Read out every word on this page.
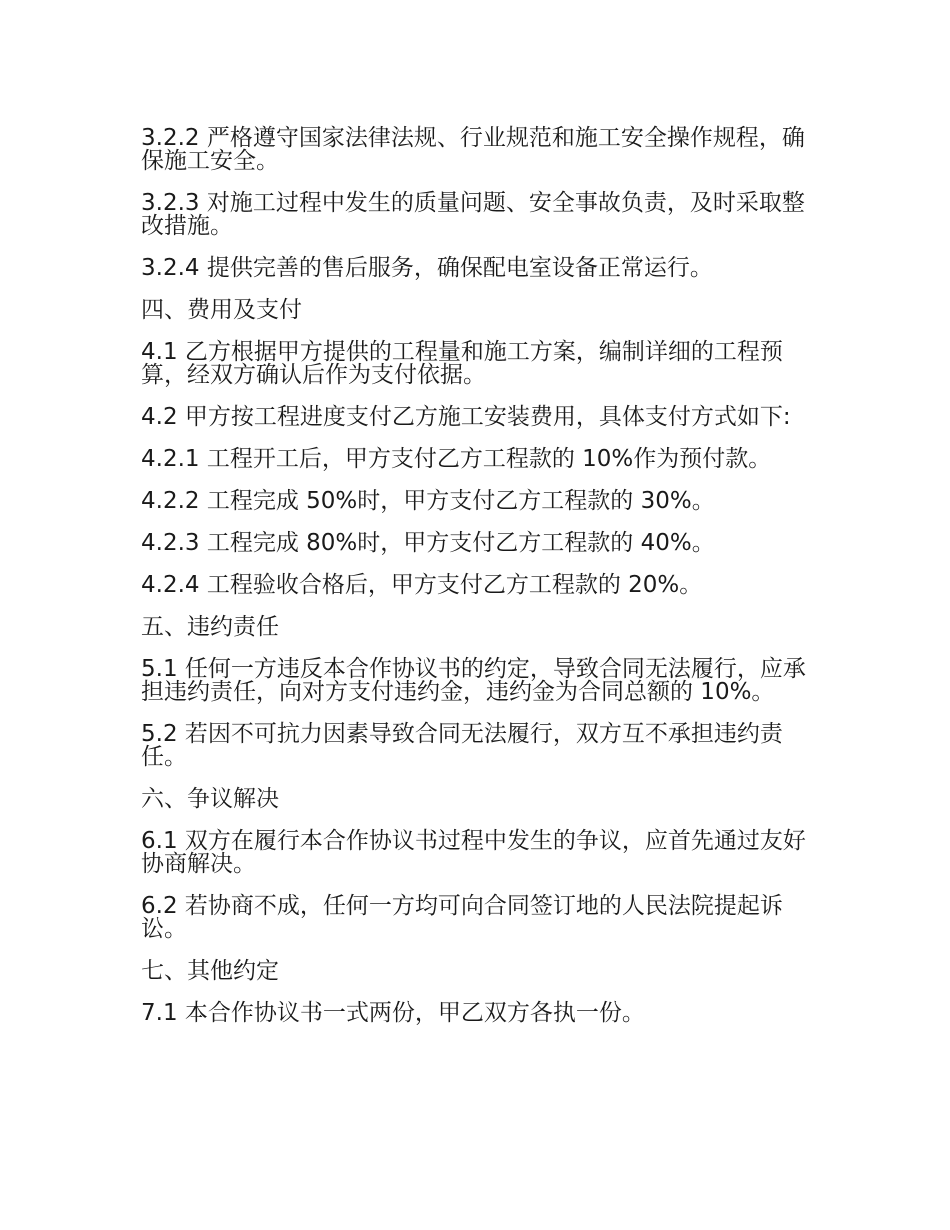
3.2.2 严格遵守国家法律法规、行业规范和施工安全操作规程，确保施工安全。

3.2.3 对施工过程中发生的质量问题、安全事故负责，及时采取整改措施。

3.2.4 提供完善的售后服务，确保配电室设备正常运行。

四、费用及支付

4.1 乙方根据甲方提供的工程量和施工方案，编制详细的工程预算，经双方确认后作为支付依据。

4.2 甲方按工程进度支付乙方施工安装费用，具体支付方式如下:

4.2.1 工程开工后，甲方支付乙方工程款的 10%作为预付款。

4.2.2 工程完成 50%时，甲方支付乙方工程款的 30%。

4.2.3 工程完成 80%时，甲方支付乙方工程款的 40%。

4.2.4 工程验收合格后，甲方支付乙方工程款的 20%。

五、违约责任

5.1 任何一方违反本合作协议书的约定，导致合同无法履行，应承担违约责任，向对方支付违约金，违约金为合同总额的 10%。

5.2 若因不可抗力因素导致合同无法履行，双方互不承担违约责任。

六、争议解决

6.1 双方在履行本合作协议书过程中发生的争议，应首先通过友好协商解决。

6.2 若协商不成，任何一方均可向合同签订地的人民法院提起诉讼。

七、其他约定

7.1 本合作协议书一式两份，甲乙双方各执一份。
